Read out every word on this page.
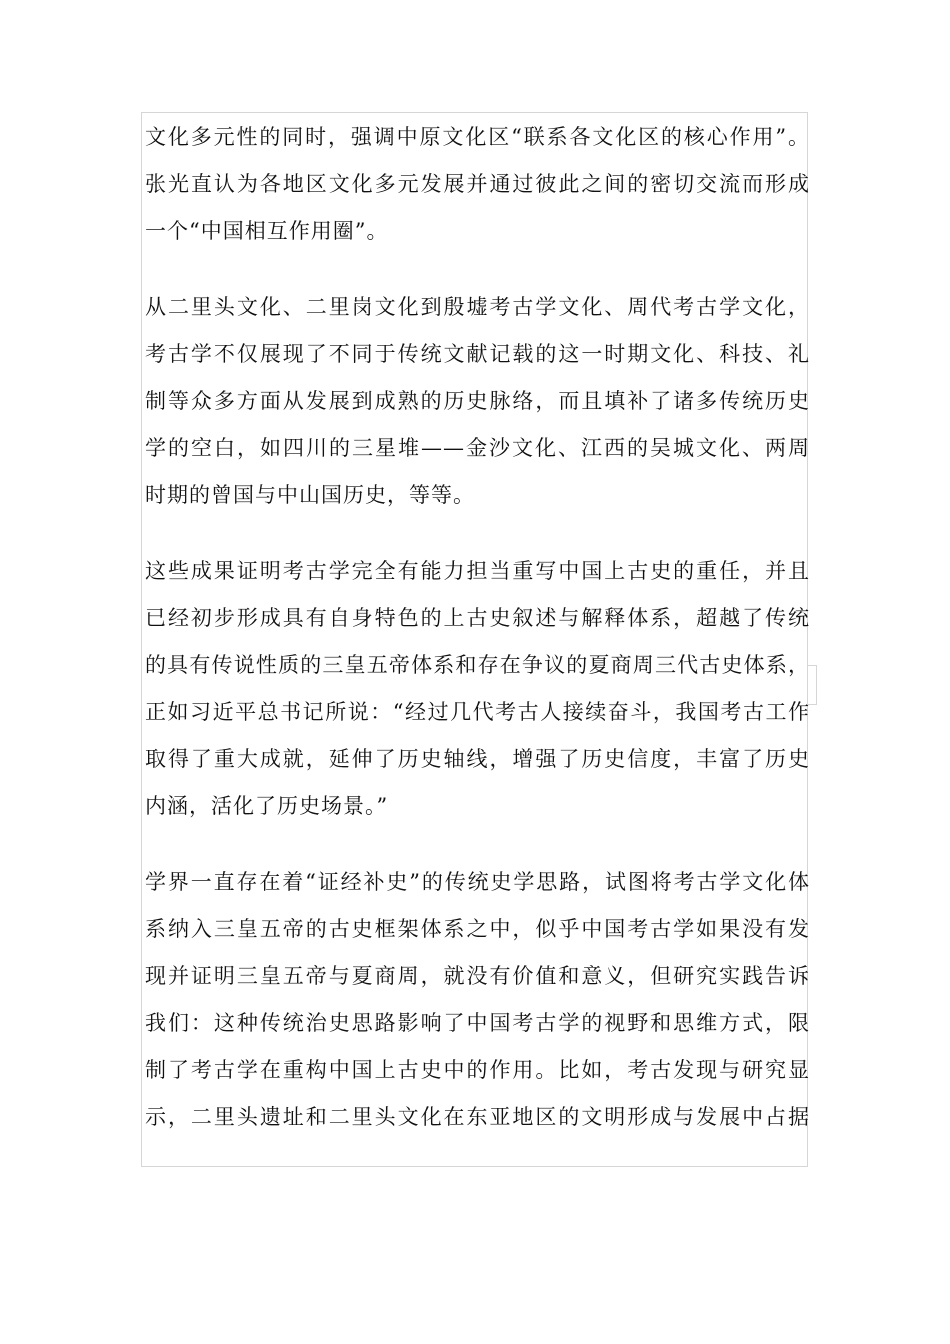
文化多元性的同时，强调中原文化区“联系各文化区的核心作用”。
张光直认为各地区文化多元发展并通过彼此之间的密切交流而形成
一个“中国相互作用圈”。

从二里头文化、二里岗文化到殷墟考古学文化、周代考古学文化，
考古学不仅展现了不同于传统文献记载的这一时期文化、科技、礼
制等众多方面从发展到成熟的历史脉络，而且填补了诸多传统历史
学的空白，如四川的三星堆——金沙文化、江西的吴城文化、两周
时期的曾国与中山国历史，等等。

这些成果证明考古学完全有能力担当重写中国上古史的重任，并且
已经初步形成具有自身特色的上古史叙述与解释体系，超越了传统
的具有传说性质的三皇五帝体系和存在争议的夏商周三代古史体系，
正如习近平总书记所说：“经过几代考古人接续奋斗，我国考古工作
取得了重大成就，延伸了历史轴线，增强了历史信度，丰富了历史
内涵，活化了历史场景。”

学界一直存在着“证经补史”的传统史学思路，试图将考古学文化体
系纳入三皇五帝的古史框架体系之中，似乎中国考古学如果没有发
现并证明三皇五帝与夏商周，就没有价值和意义，但研究实践告诉
我们：这种传统治史思路影响了中国考古学的视野和思维方式，限
制了考古学在重构中国上古史中的作用。比如，考古发现与研究显
示，二里头遗址和二里头文化在东亚地区的文明形成与发展中占据
